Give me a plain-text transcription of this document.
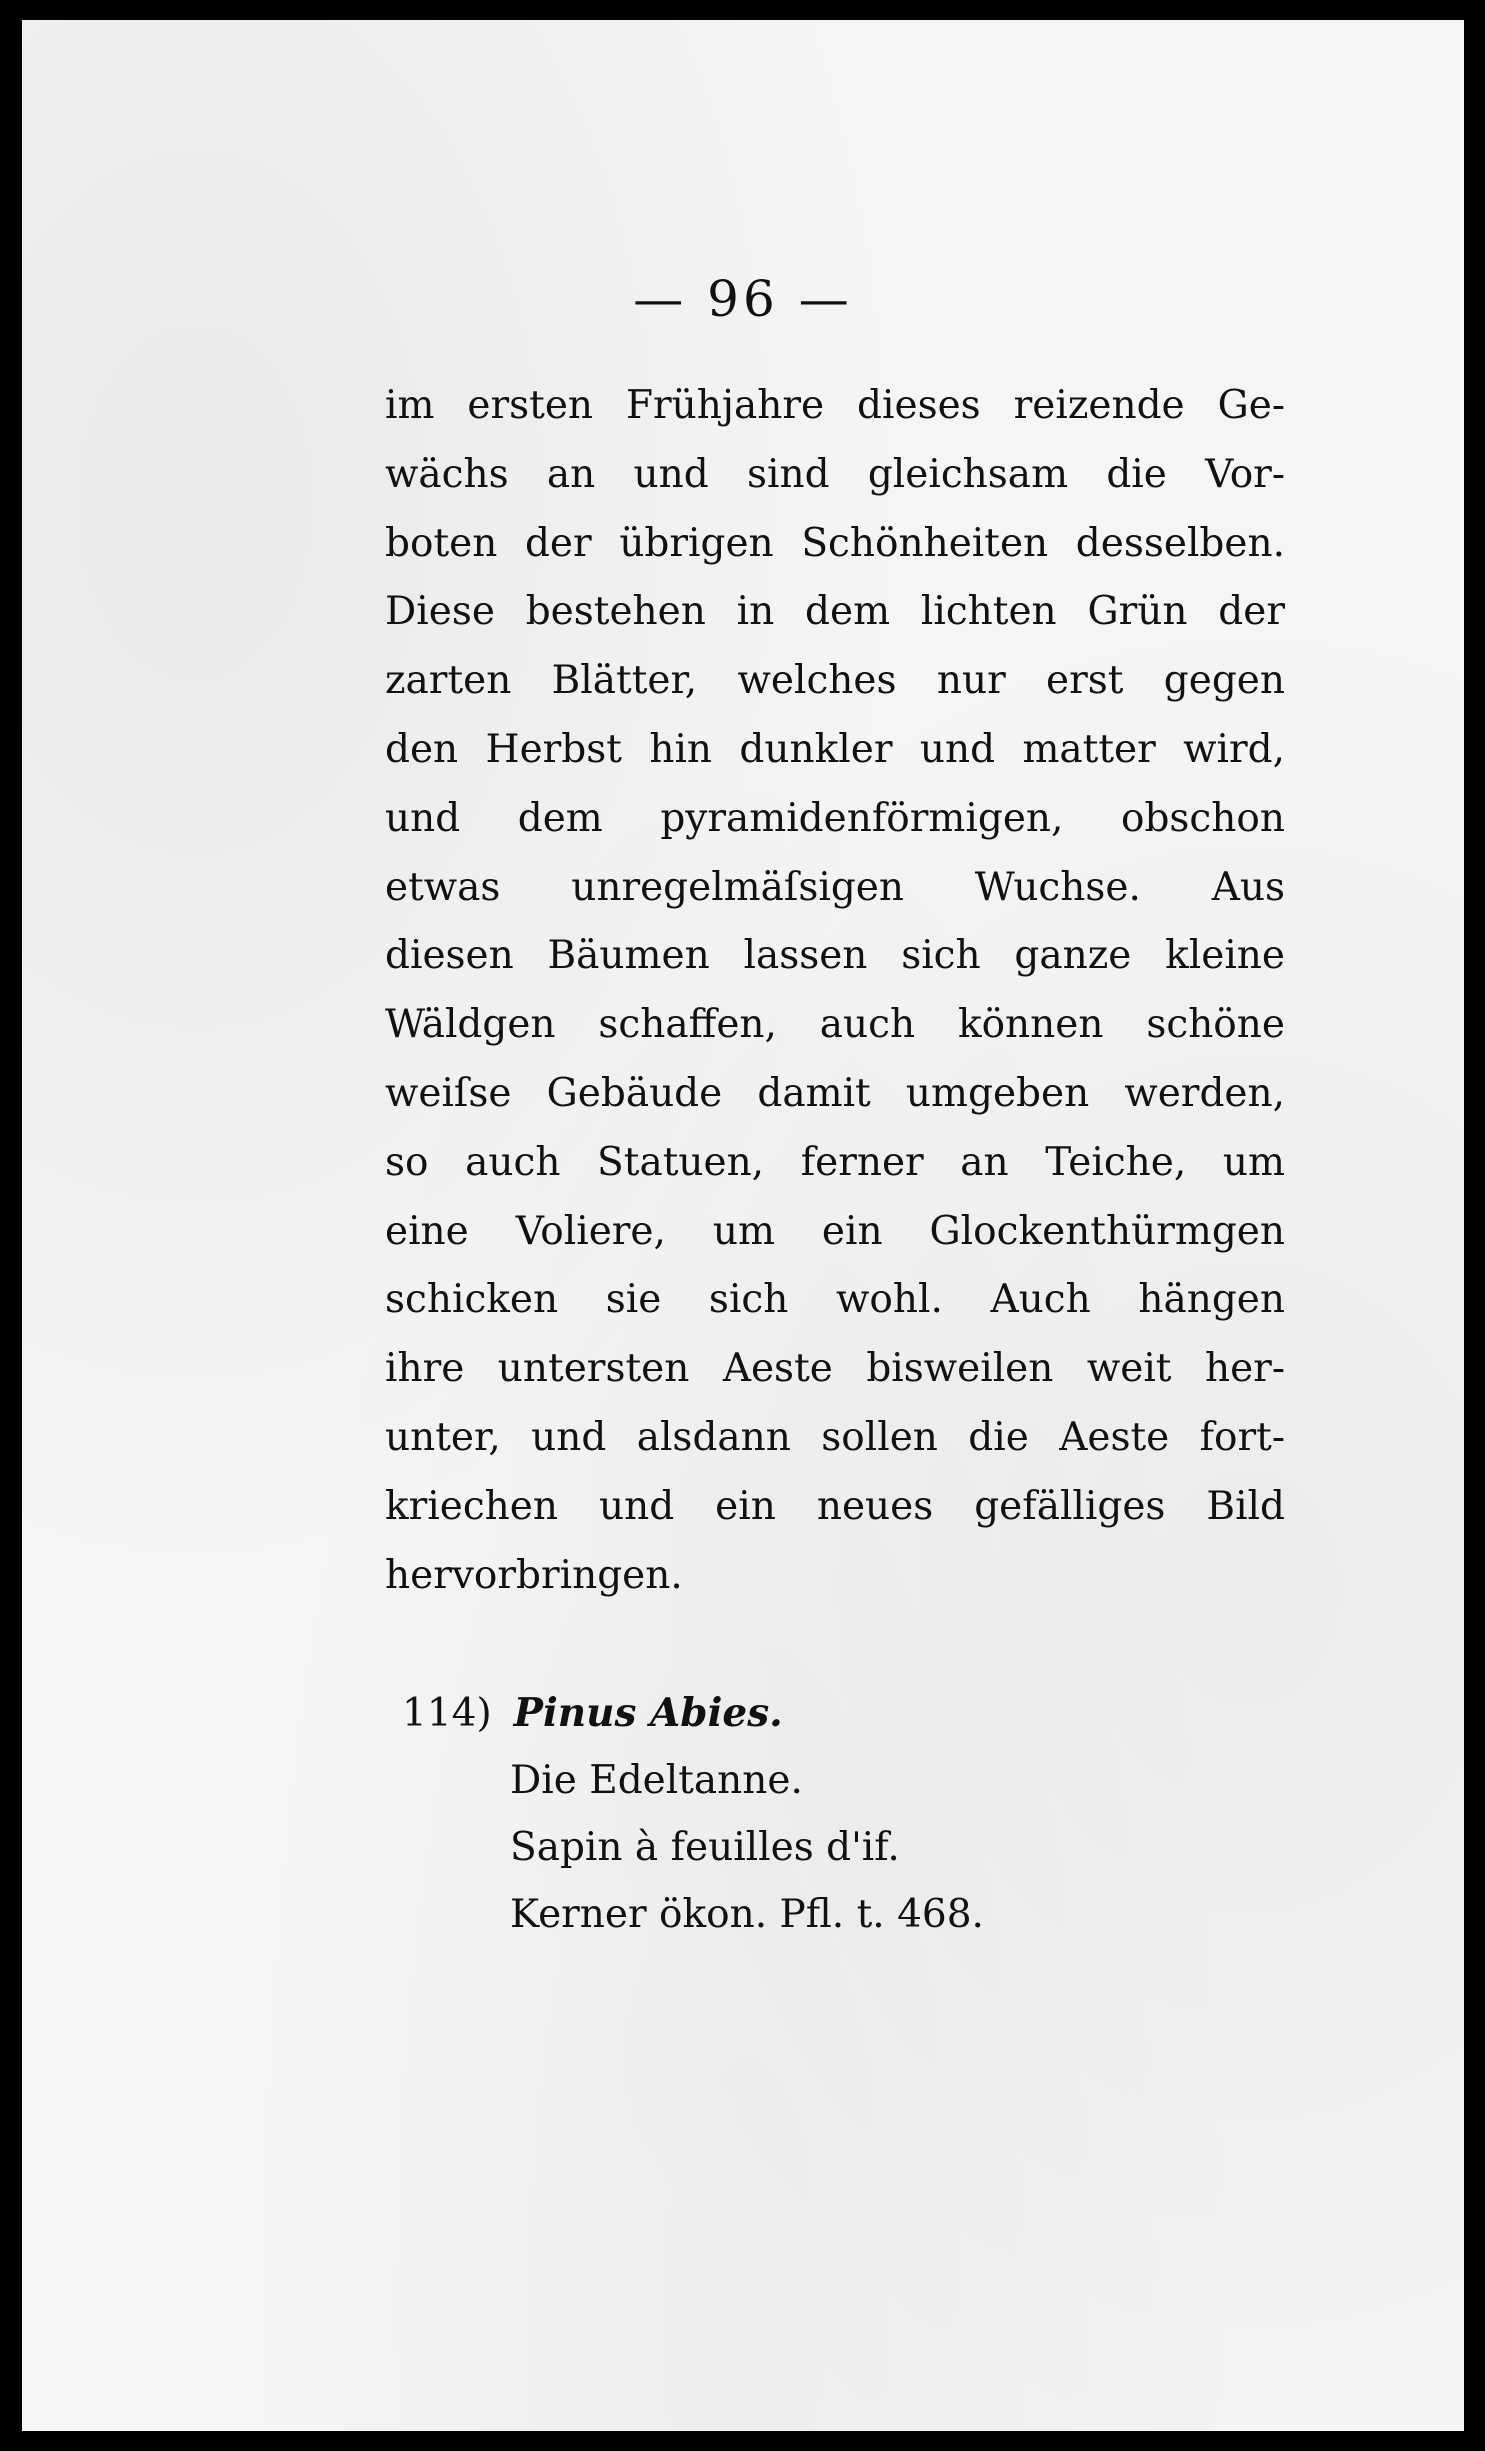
— 96 —
im ersten Frühjahre dieses reizende Ge-
wächs an und sind gleichsam die Vor-
boten der übrigen Schönheiten desselben.
Diese bestehen in dem lichten Grün der
zarten Blätter, welches nur erst gegen
den Herbst hin dunkler und matter wird,
und dem pyramidenförmigen, obschon
etwas unregelmäſsigen Wuchse. Aus
diesen Bäumen lassen sich ganze kleine
Wäldgen schaffen, auch können schöne
weiſse Gebäude damit umgeben werden,
so auch Statuen, ferner an Teiche, um
eine Voliere, um ein Glockenthürmgen
schicken sie sich wohl. Auch hängen
ihre untersten Aeste bisweilen weit her-
unter, und alsdann sollen die Aeste fort-
kriechen und ein neues gefälliges Bild
hervorbringen.
114) Pinus Abies.
Die Edeltanne.
Sapin à feuilles d'if.
Kerner ökon. Pfl. t. 468.
